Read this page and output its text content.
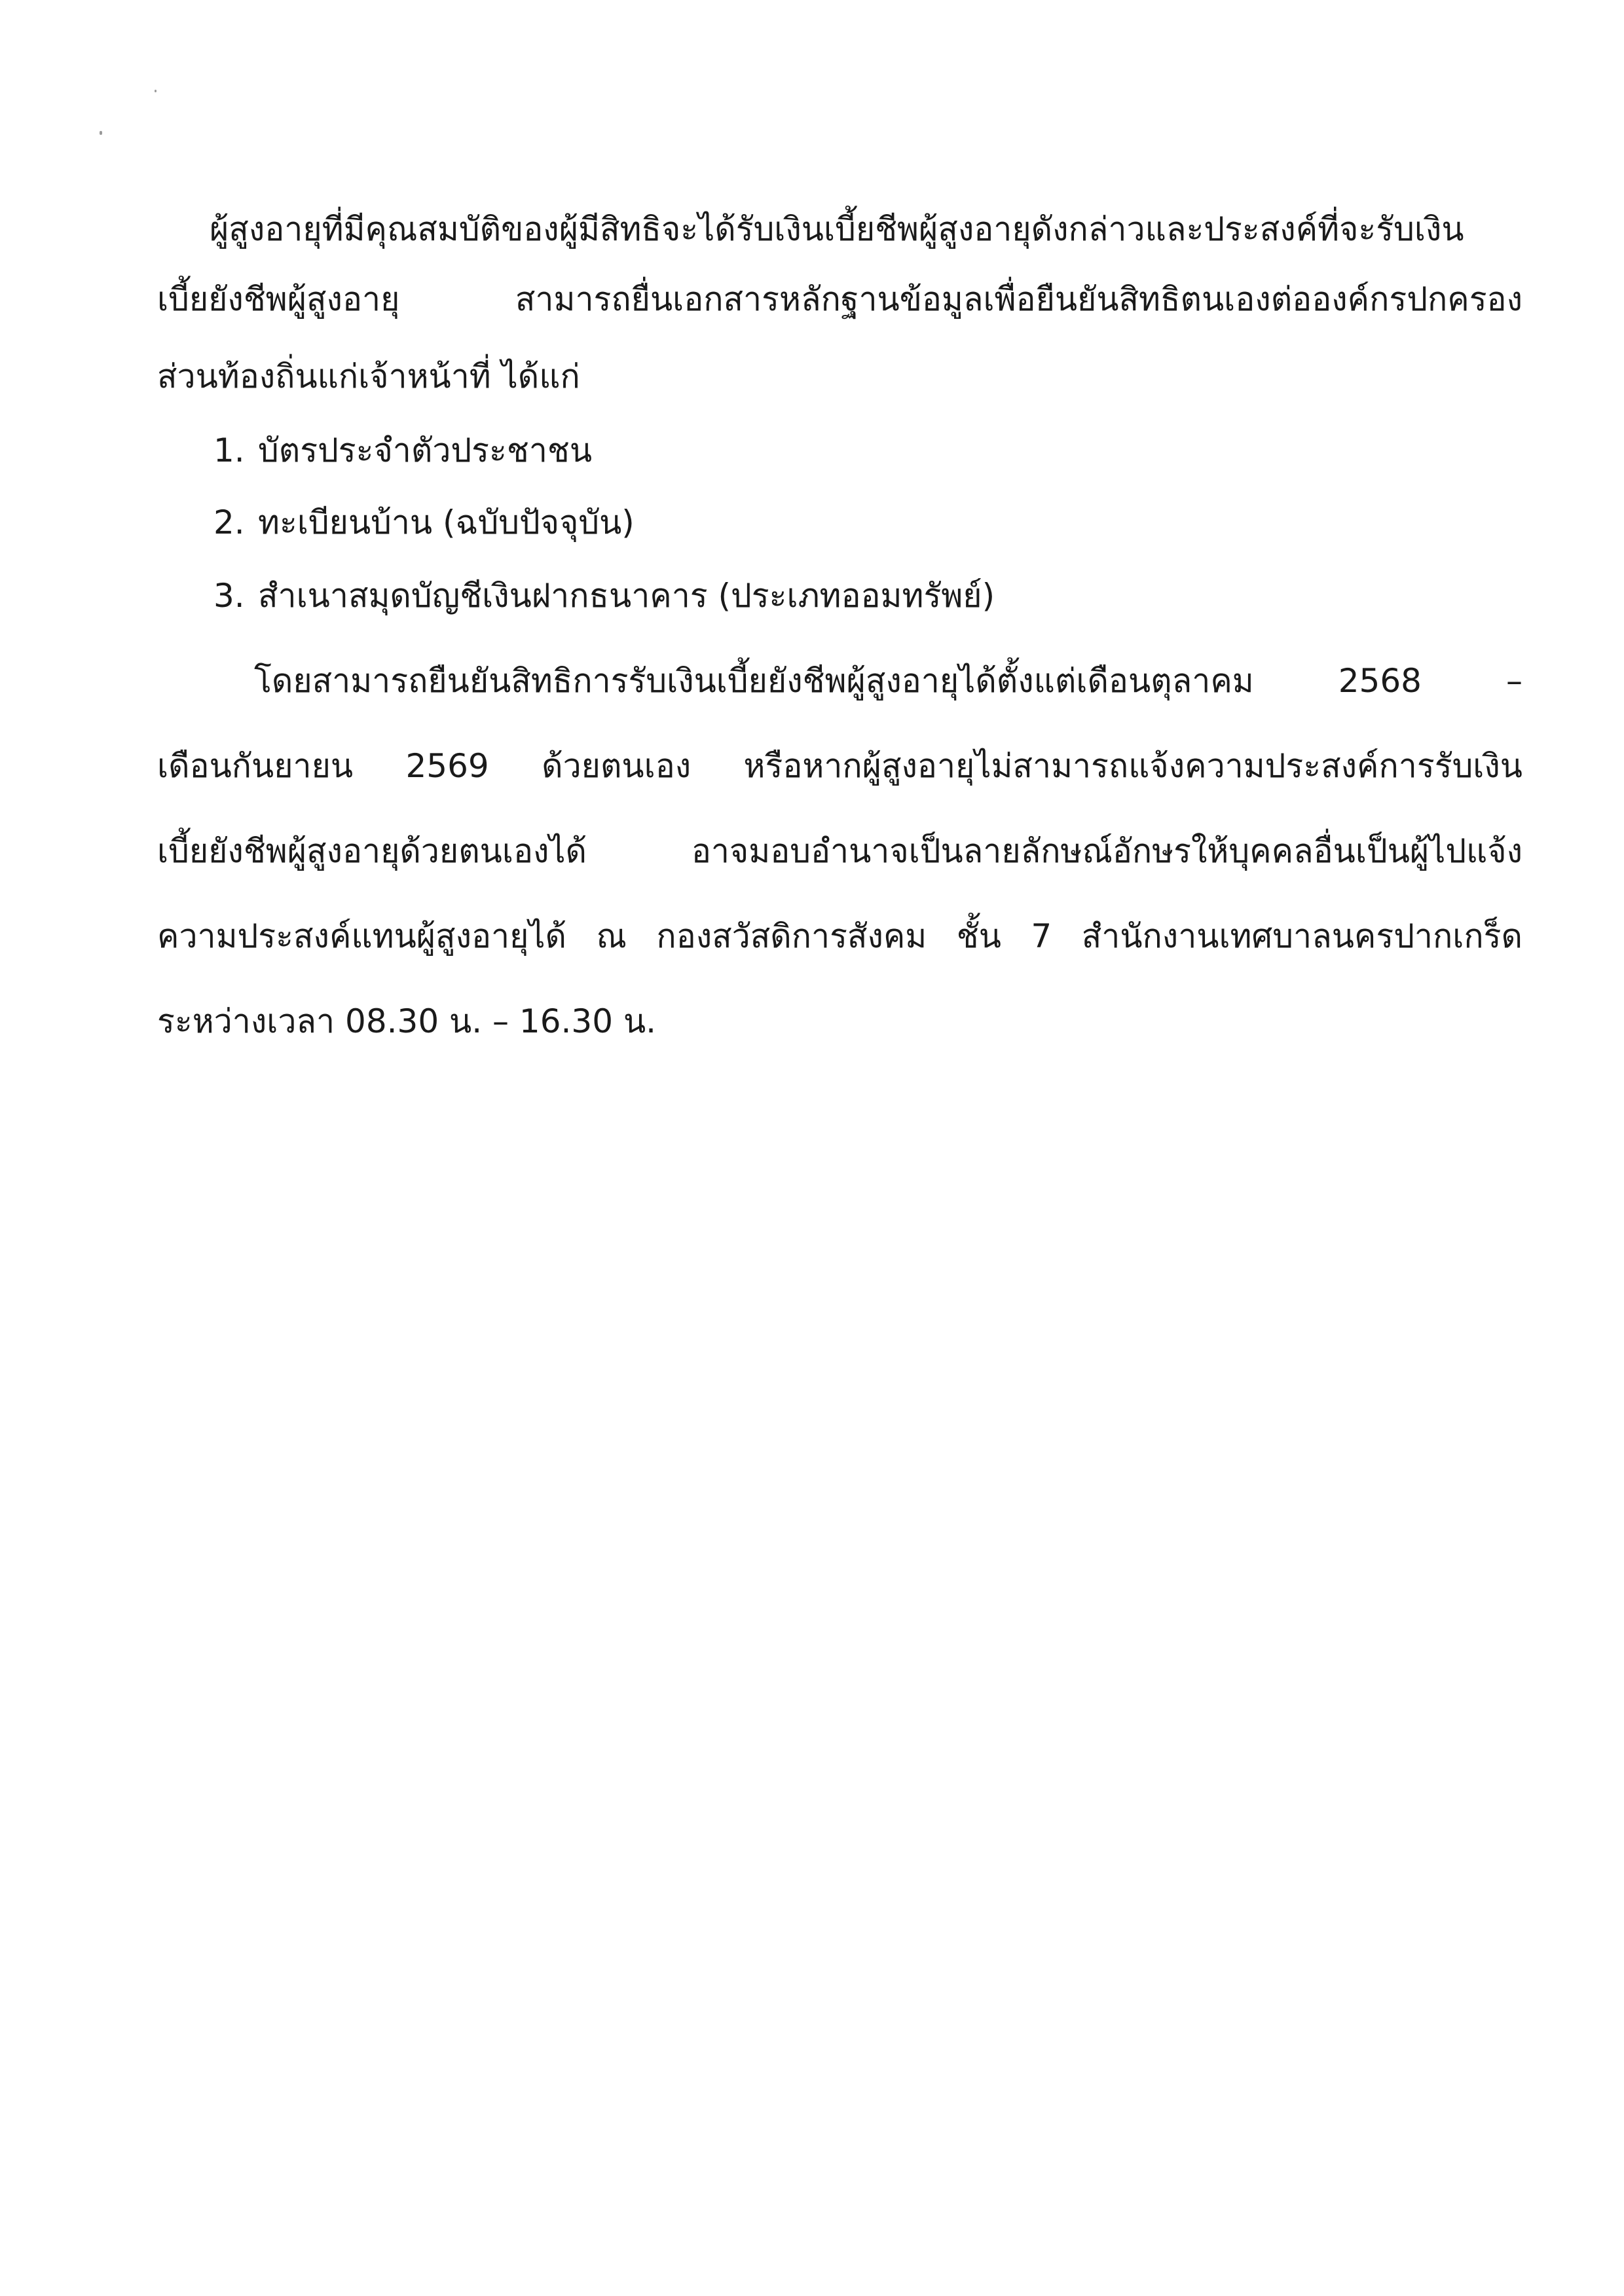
ผู้สูงอายุที่มีคุณสมบัติของผู้มีสิทธิจะได้รับเงินเบี้ยชีพผู้สูงอายุดังกล่าวและประสงค์ที่จะรับเงิน
เบี้ยยังชีพผู้สูงอายุ	สามารถยื่นเอกสารหลักฐานข้อมูลเพื่อยืนยันสิทธิตนเองต่อองค์กรปกครอง
ส่วนท้องถิ่นแก่เจ้าหน้าที่ ได้แก่
1. บัตรประจำตัวประชาชน
2. ทะเบียนบ้าน (ฉบับปัจจุบัน)
3. สำเนาสมุดบัญชีเงินฝากธนาคาร (ประเภทออมทรัพย์)
โดยสามารถยืนยันสิทธิการรับเงินเบี้ยยังชีพผู้สูงอายุได้ตั้งแต่เดือนตุลาคม	2568	–
เดือนกันยายน 2569 ด้วยตนเอง หรือหากผู้สูงอายุไม่สามารถแจ้งความประสงค์การรับเงิน
เบี้ยยังชีพผู้สูงอายุด้วยตนเองได้	อาจมอบอำนาจเป็นลายลักษณ์อักษรให้บุคคลอื่นเป็นผู้ไปแจ้ง
ความประสงค์แทนผู้สูงอายุได้ ณ กองสวัสดิการสังคม ชั้น 7 สำนักงานเทศบาลนครปากเกร็ด
ระหว่างเวลา 08.30 น. – 16.30 น.
